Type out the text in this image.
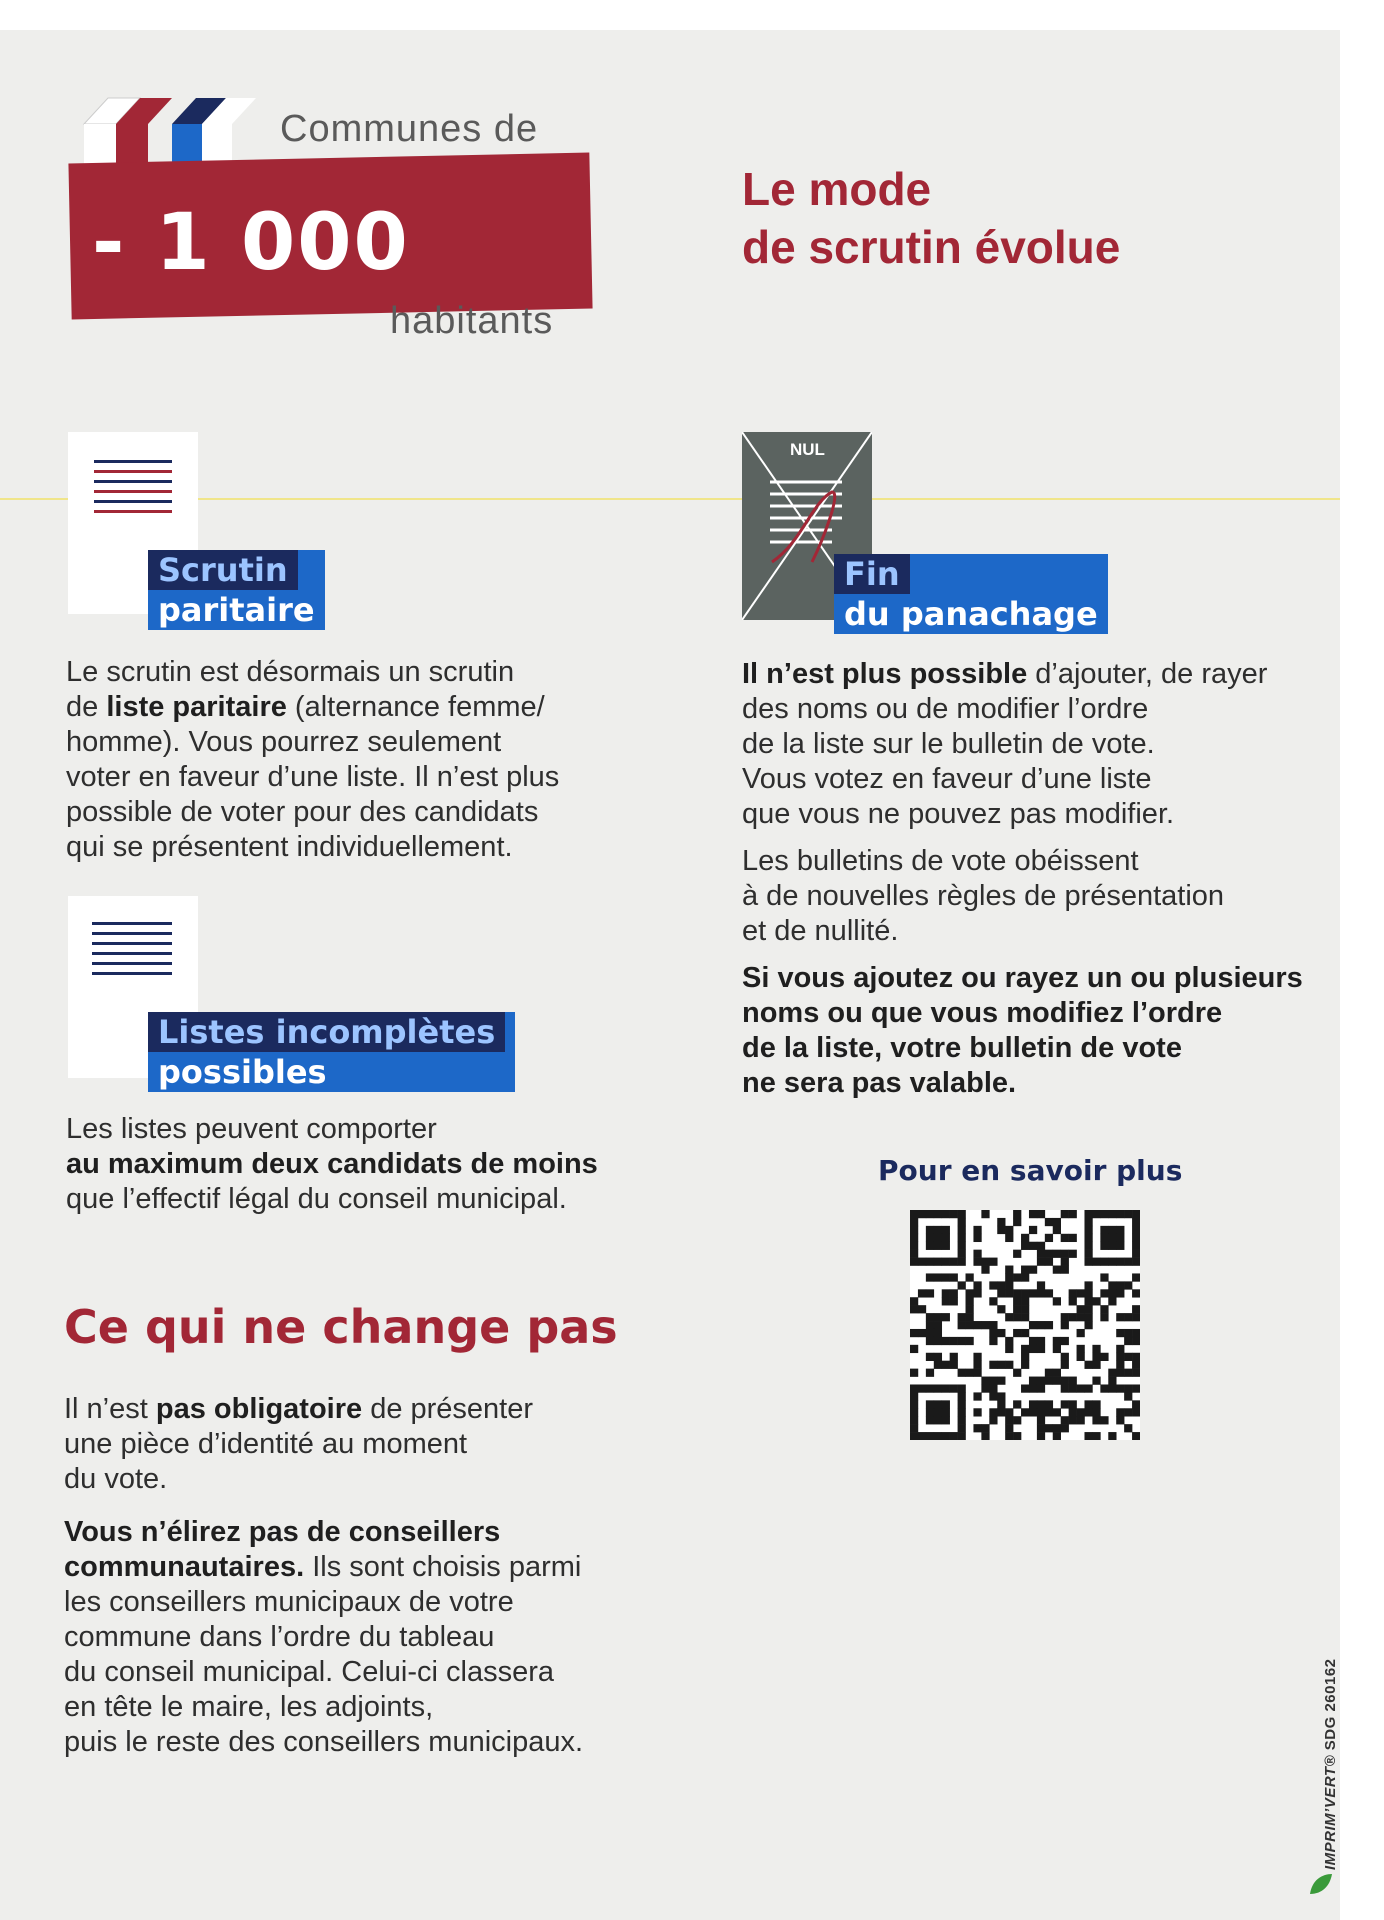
- 1 000
Communes de
habitants
Le mode
de scrutin évolue
Scrutin
paritaire
Le scrutin est désormais un scrutin
de liste paritaire (alternance femme/
homme). Vous pourrez seulement
voter en faveur d’une liste. Il n’est plus
possible de voter pour des candidats
qui se présentent individuellement.
Listes incomplètes
possibles
Les listes peuvent comporter
au maximum deux candidats de moins
que l’effectif légal du conseil municipal.
NUL
Fin
du panachage
Il n’est plus possible d’ajouter, de rayer
des noms ou de modifier l’ordre
de la liste sur le bulletin de vote.
Vous votez en faveur d’une liste
que vous ne pouvez pas modifier.
Les bulletins de vote obéissent
à de nouvelles règles de présentation
et de nullité.
Si vous ajoutez ou rayez un ou plusieurs
noms ou que vous modifiez l’ordre
de la liste, votre bulletin de vote
ne sera pas valable.
Pour en savoir plus
Ce qui ne change pas
Il n’est pas obligatoire de présenter
une pièce d’identité au moment
du vote.
Vous n’élirez pas de conseillers
communautaires. Ils sont choisis parmi
les conseillers municipaux de votre
commune dans l’ordre du tableau
du conseil municipal. Celui-ci classera
en tête le maire, les adjoints,
puis le reste des conseillers municipaux.
IMPRIM’VERT® SDG 260162
